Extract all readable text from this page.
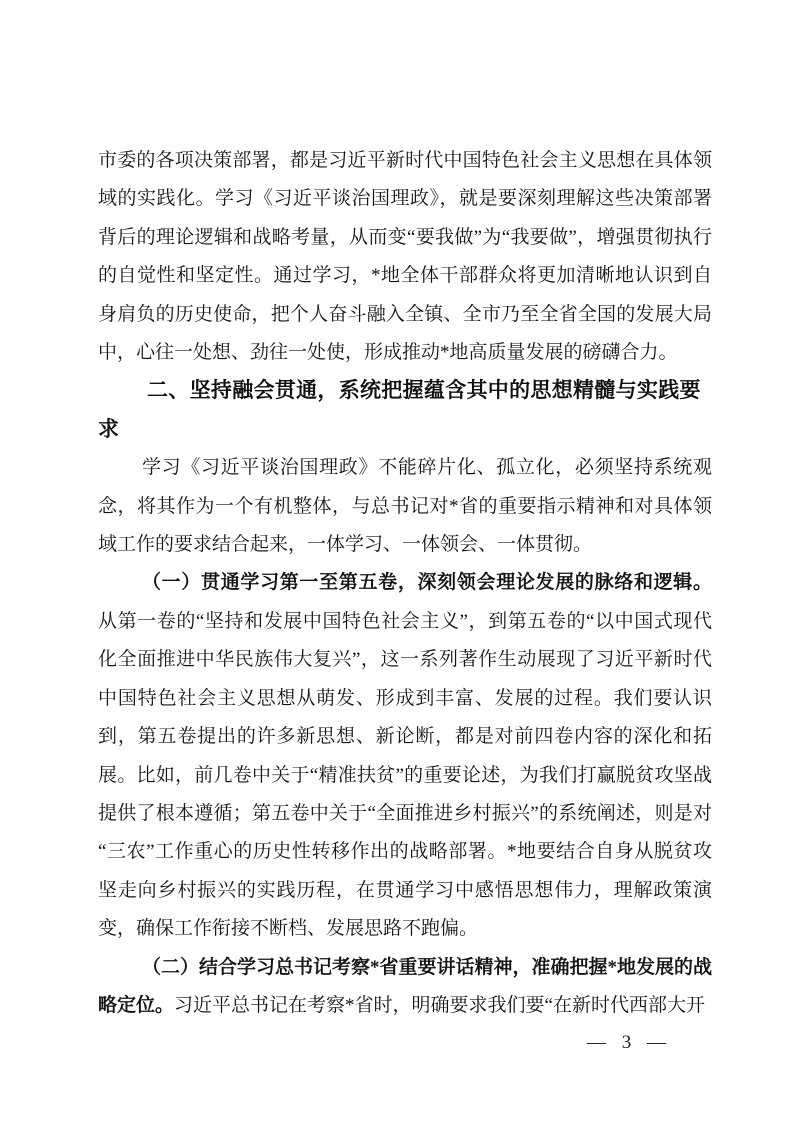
市委的各项决策部署，都是习近平新时代中国特色社会主义思想在具体领域的实践化。学习《习近平谈治国理政》，就是要深刻理解这些决策部署背后的理论逻辑和战略考量，从而变“要我做”为“我要做”，增强贯彻执行的自觉性和坚定性。通过学习，*地全体干部群众将更加清晰地认识到自身肩负的历史使命，把个人奋斗融入全镇、全市乃至全省全国的发展大局中，心往一处想、劲往一处使，形成推动*地高质量发展的磅礴合力。

二、坚持融会贯通，系统把握蕴含其中的思想精髓与实践要求

学习《习近平谈治国理政》不能碎片化、孤立化，必须坚持系统观念，将其作为一个有机整体，与总书记对*省的重要指示精神和对具体领域工作的要求结合起来，一体学习、一体领会、一体贯彻。

（一）贯通学习第一至第五卷，深刻领会理论发展的脉络和逻辑。从第一卷的“坚持和发展中国特色社会主义”，到第五卷的“以中国式现代化全面推进中华民族伟大复兴”，这一系列著作生动展现了习近平新时代中国特色社会主义思想从萌发、形成到丰富、发展的过程。我们要认识到，第五卷提出的许多新思想、新论断，都是对前四卷内容的深化和拓展。比如，前几卷中关于“精准扶贫”的重要论述，为我们打赢脱贫攻坚战提供了根本遵循；第五卷中关于“全面推进乡村振兴”的系统阐述，则是对“三农”工作重心的历史性转移作出的战略部署。*地要结合自身从脱贫攻坚走向乡村振兴的实践历程，在贯通学习中感悟思想伟力，理解政策演变，确保工作衔接不断档、发展思路不跑偏。

（二）结合学习总书记考察*省重要讲话精神，准确把握*地发展的战略定位。习近平总书记在考察*省时，明确要求我们要“在新时代西部大开

— 3 —
